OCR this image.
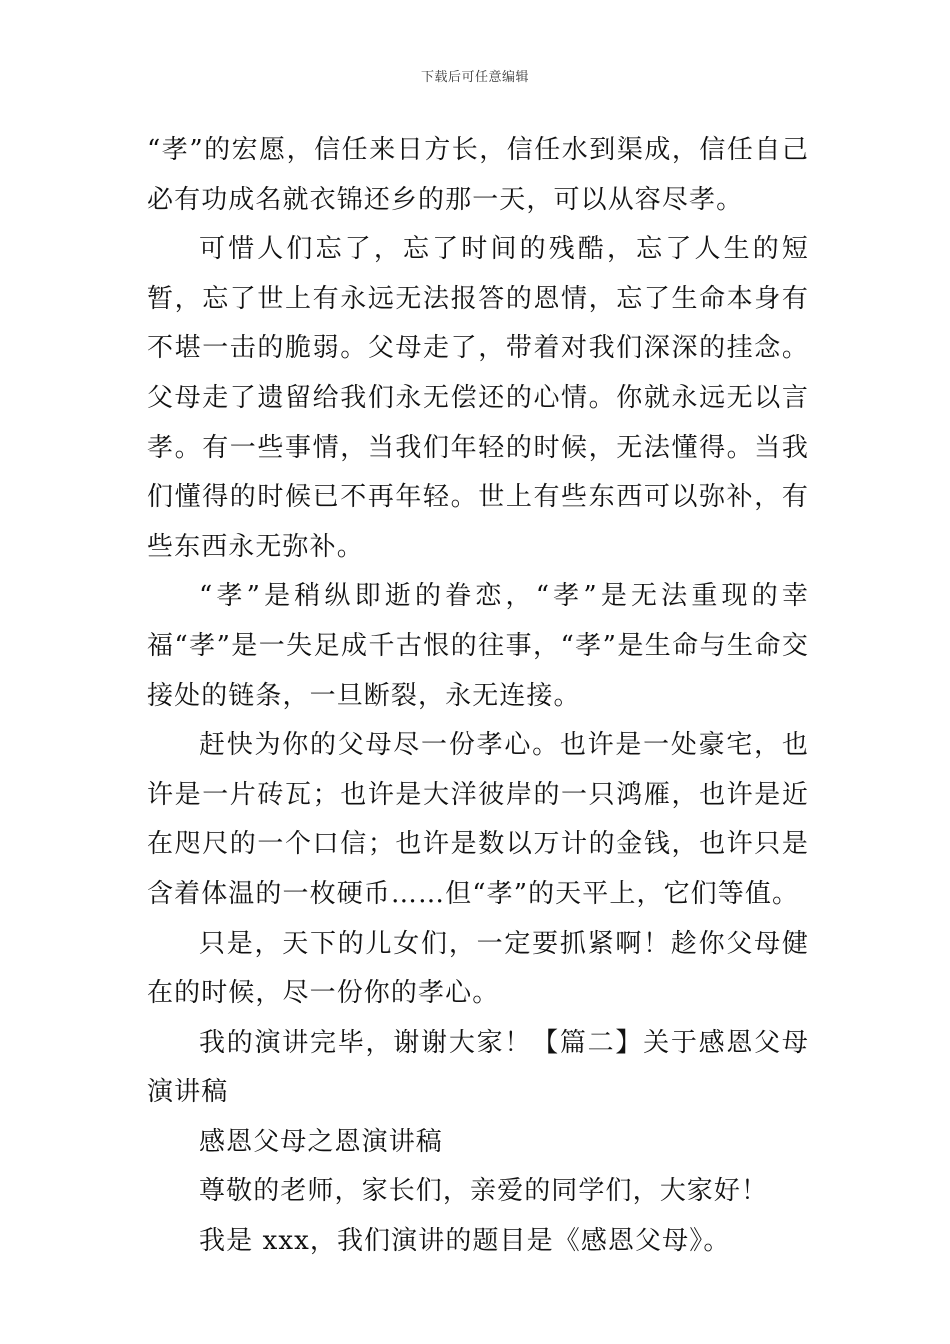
下载后可任意编辑

“孝”的宏愿，信任来日方长，信任水到渠成，信任自己必有功成名就衣锦还乡的那一天，可以从容尽孝。

可惜人们忘了，忘了时间的残酷，忘了人生的短暂，忘了世上有永远无法报答的恩情，忘了生命本身有不堪一击的脆弱。父母走了，带着对我们深深的挂念。父母走了遗留给我们永无偿还的心情。你就永远无以言孝。有一些事情，当我们年轻的时候，无法懂得。当我们懂得的时候已不再年轻。世上有些东西可以弥补，有些东西永无弥补。

“孝”是稍纵即逝的眷恋，“孝”是无法重现的幸福“孝”是一失足成千古恨的往事，“孝”是生命与生命交接处的链条，一旦断裂，永无连接。

赶快为你的父母尽一份孝心。也许是一处豪宅，也许是一片砖瓦；也许是大洋彼岸的一只鸿雁，也许是近在咫尺的一个口信；也许是数以万计的金钱，也许只是含着体温的一枚硬币……但“孝”的天平上，它们等值。

只是，天下的儿女们，一定要抓紧啊！趁你父母健在的时候，尽一份你的孝心。

我的演讲完毕，谢谢大家！【篇二】关于感恩父母演讲稿

感恩父母之恩演讲稿

尊敬的老师，家长们，亲爱的同学们，大家好！

我是 xxx，我们演讲的题目是《感恩父母》。
